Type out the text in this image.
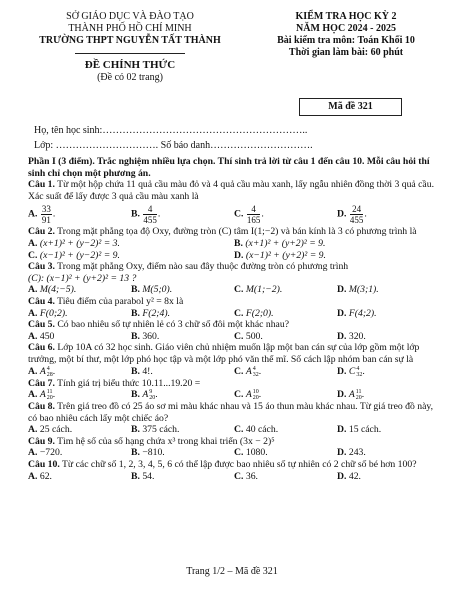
SỞ GIÁO DỤC VÀ ĐÀO TẠO
THÀNH PHỐ HỒ CHÍ MINH
TRƯỜNG THPT NGUYỄN TẤT THÀNH
ĐỀ CHÍNH THỨC
(Đề có 02 trang)
KIỂM TRA HỌC KỲ 2
NĂM HỌC 2024 - 2025
Bài kiểm tra môn: Toán Khối 10
Thời gian làm bài: 60 phút
Mã đề 321
Họ, tên học sinh:……………………………………………………..
Lớp: …………………………. Số báo danh………………………….
Phần I (3 điểm). Trắc nghiệm nhiều lựa chọn. Thí sinh trả lời từ câu 1 đến câu 10. Mỗi câu hỏi thí sinh chỉ chọn một phương án.
Câu 1. Từ một hộp chứa 11 quả cầu màu đỏ và 4 quả cầu màu xanh, lấy ngẫu nhiên đồng thời 3 quả cầu. Xác suất để lấy được 3 quả cầu màu xanh là
A. $\frac{33}{91}$ .	B. $\frac{4}{455}$ .	C. $\frac{4}{165}$ .	D. $\frac{24}{455}$ .
Câu 2. Trong mặt phẳng tọa độ Oxy, đường tròn (C) tâm I(1;−2) và bán kính là 3 có phương trình là
A. (x+1)² + (y−2)² = 3.	B. (x+1)² + (y+2)² = 9.
C. (x−1)² + (y−2)² = 9.	D. (x−1)² + (y+2)² = 9.
Câu 3. Trong mặt phẳng Oxy, điểm nào sau đây thuộc đường tròn có phương trình
(C): (x−1)² + (y+2)² = 13 ?
A. M(4;−5).	B. M(5;0).	C. M(1;−2).	D. M(3;1).
Câu 4. Tiêu điểm của parabol y² = 8x là
A. F(0;2).	B. F(2;4).	C. F(2;0).	D. F(4;2).
Câu 5. Có bao nhiêu số tự nhiên lẻ có 3 chữ số đôi một khác nhau?
A. 450	B. 360.	C. 500.	D. 320.
Câu 6. Lớp 10A có 32 học sinh. Giáo viên chủ nhiệm muốn lập một ban cán sự của lớp gồm một lớp trưởng, một bí thư, một lớp phó học tập và một lớp phó văn thể mĩ. Số cách lập nhóm ban cán sự là
A. A 4
28 .	B. 4!.	C. A 4
32 .	D. C 4
32 .
Câu 7. Tính giá trị biểu thức 10.11...19.20 =
A. A 11
20 .	B. A 9
20 .	C. A 10
20 .	D. A 11
20 .
Câu 8. Trên giá treo đồ có 25 áo sơ mi màu khác nhau và 15 áo thun màu khác nhau. Từ giá treo đồ này, có bao nhiêu cách lấy một chiếc áo?
A. 25 cách.	B. 375 cách.	C. 40 cách.	D. 15 cách.
Câu 9. Tìm hệ số của số hạng chứa x³ trong khai triển (3x − 2)⁵
A. −720.	B. −810.	C. 1080.	D. 243.
Câu 10. Từ các chữ số 1, 2, 3, 4, 5, 6 có thể lập được bao nhiêu số tự nhiên có 2 chữ số bé hơn 100?
A. 62.	B. 54.	C. 36.	D. 42.
Trang 1/2 – Mã đề 321
